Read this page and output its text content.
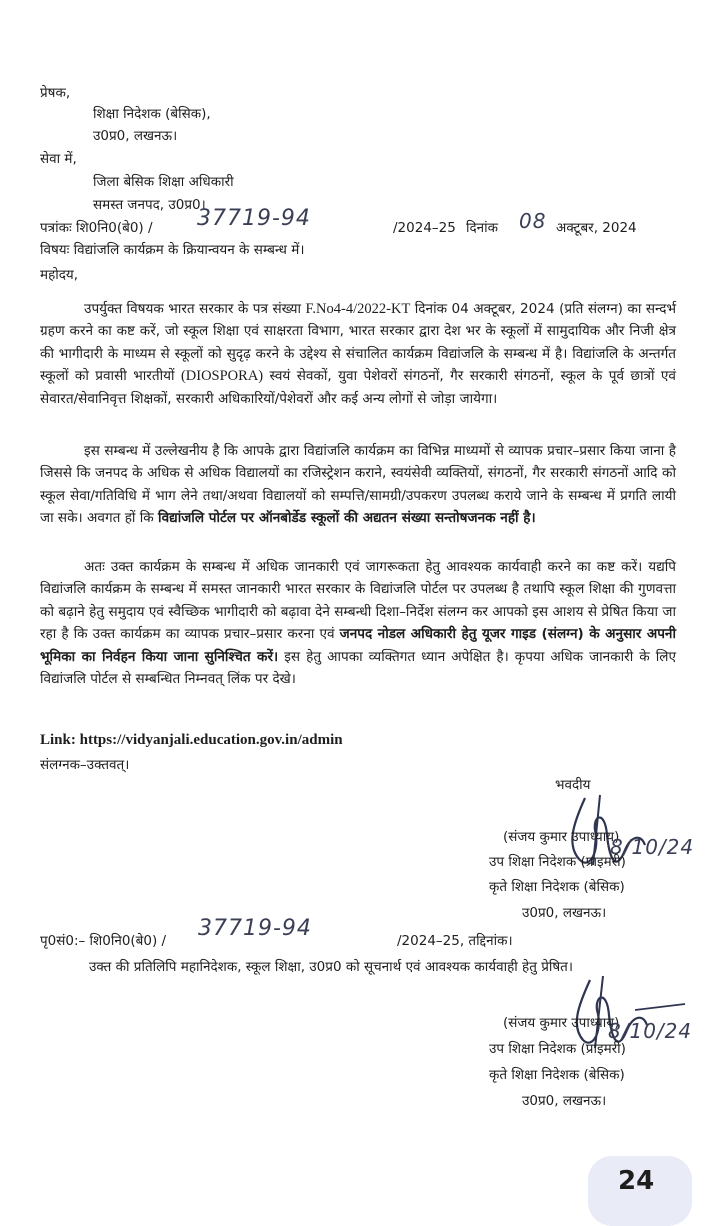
प्रेषक,
शिक्षा निदेशक (बेसिक),
उ0प्र0, लखनऊ।
सेवा में,
जिला बेसिक शिक्षा अधिकारी
समस्त जनपद, उ0प्र0।
पत्रांकः शि0नि0(बे0) / 37719-94	/2024–25 दिनांक 08 अक्टूबर, 2024
विषयः विद्यांजलि कार्यक्रम के क्रियान्वयन के सम्बन्ध में।
महोदय,
उपर्युक्त विषयक भारत सरकार के पत्र संख्या F.No4-4/2022-KT दिनांक 04 अक्टूबर, 2024 (प्रति संलग्न) का सन्दर्भ ग्रहण करने का कष्ट करें, जो स्कूल शिक्षा एवं साक्षरता विभाग, भारत सरकार द्वारा देश भर के स्कूलों में सामुदायिक और निजी क्षेत्र की भागीदारी के माध्यम से स्कूलों को सुदृढ़ करने के उद्देश्य से संचालित कार्यक्रम विद्यांजलि के सम्बन्ध में है। विद्यांजलि के अन्तर्गत स्कूलों को प्रवासी भारतीयों (DIOSPORA) स्वयं सेवकों, युवा पेशेवरों संगठनों, गैर सरकारी संगठनों, स्कूल के पूर्व छात्रों एवं सेवारत/सेवानिवृत्त शिक्षकों, सरकारी अधिकारियों/पेशेवरों और कई अन्य लोगों से जोड़ा जायेगा।
इस सम्बन्ध में उल्लेखनीय है कि आपके द्वारा विद्यांजलि कार्यक्रम का विभिन्न माध्यमों से व्यापक प्रचार–प्रसार किया जाना है जिससे कि जनपद के अधिक से अधिक विद्यालयों का रजिस्ट्रेशन कराने, स्वयंसेवी व्यक्तियों, संगठनों, गैर सरकारी संगठनों आदि को स्कूल सेवा/गतिविधि में भाग लेने तथा/अथवा विद्यालयों को सम्पत्ति/सामग्री/उपकरण उपलब्ध कराये जाने के सम्बन्ध में प्रगति लायी जा सके। अवगत हों कि विद्यांजलि पोर्टल पर ऑनबोर्डेड स्कूलों की अद्यतन संख्या सन्तोषजनक नहीं है।
अतः उक्त कार्यक्रम के सम्बन्ध में अधिक जानकारी एवं जागरूकता हेतु आवश्यक कार्यवाही करने का कष्ट करें। यद्यपि विद्यांजलि कार्यक्रम के सम्बन्ध में समस्त जानकारी भारत सरकार के विद्यांजलि पोर्टल पर उपलब्ध है तथापि स्कूल शिक्षा की गुणवत्ता को बढ़ाने हेतु समुदाय एवं स्वैच्छिक भागीदारी को बढ़ावा देने सम्बन्धी दिशा–निर्देश संलग्न कर आपको इस आशय से प्रेषित किया जा रहा है कि उक्त कार्यक्रम का व्यापक प्रचार–प्रसार करना एवं जनपद नोडल अधिकारी हेतु यूजर गाइड (संलग्न) के अनुसार अपनी भूमिका का निर्वहन किया जाना सुनिश्चित करें। इस हेतु आपका व्यक्तिगत ध्यान अपेक्षित है। कृपया अधिक जानकारी के लिए विद्यांजलि पोर्टल से सम्बन्धित निम्नवत् लिंक पर देखे।
Link: https://vidyanjali.education.gov.in/admin
संलग्नक–उक्तवत्।
भवदीय
(संजय कुमार उपाध्याय)
8/10/24
उप शिक्षा निदेशक (प्राइमरी)
कृते शिक्षा निदेशक (बेसिक)
उ0प्र0, लखनऊ।
पृ0सं0:– शि0नि0(बे0) / 37719-94	/2024–25, तद्दिनांक।
उक्त की प्रतिलिपि महानिदेशक, स्कूल शिक्षा, उ0प्र0 को सूचनार्थ एवं आवश्यक कार्यवाही हेतु प्रेषित।
(संजय कुमार उपाध्याय)
8/10/24
उप शिक्षा निदेशक (प्राइमरी)
कृते शिक्षा निदेशक (बेसिक)
उ0प्र0, लखनऊ।
24
